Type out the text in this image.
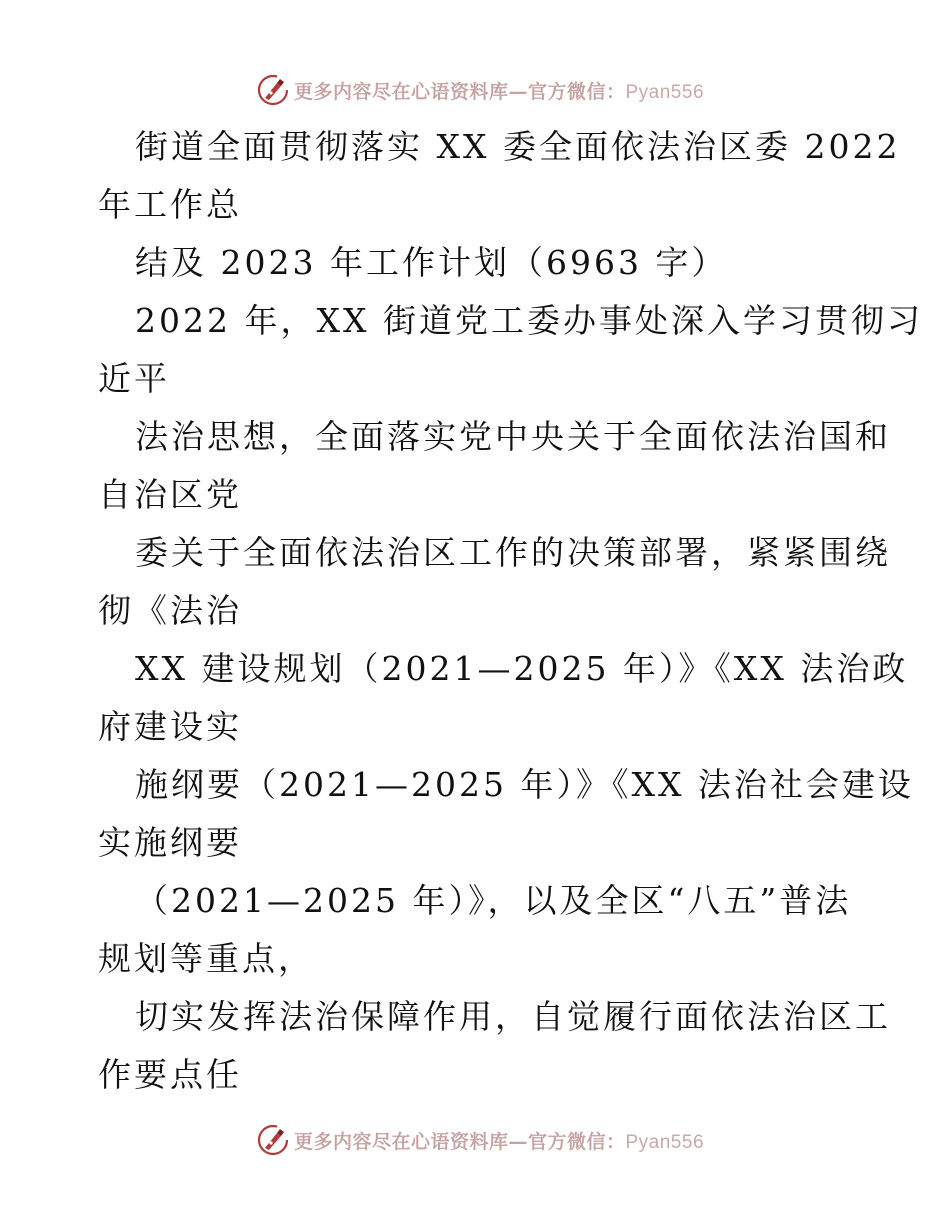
更多内容尽在心语资料库—官方微信：Pyan556
街道全面贯彻落实 XX 委全面依法治区委 2022
年工作总
结及 2023 年工作计划（6963 字）
2022 年，XX 街道党工委办事处深入学习贯彻习
近平
法治思想，全面落实党中央关于全面依法治国和
自治区党
委关于全面依法治区工作的决策部署，紧紧围绕
彻《法治
XX 建设规划（2021—2025 年）》《XX 法治政
府建设实
施纲要（2021—2025 年）》《XX 法治社会建设
实施纲要
（2021—2025 年）》，以及全区“八五”普法
规划等重点，
切实发挥法治保障作用，自觉履行面依法治区工
作要点任
更多内容尽在心语资料库—官方微信：Pyan556
